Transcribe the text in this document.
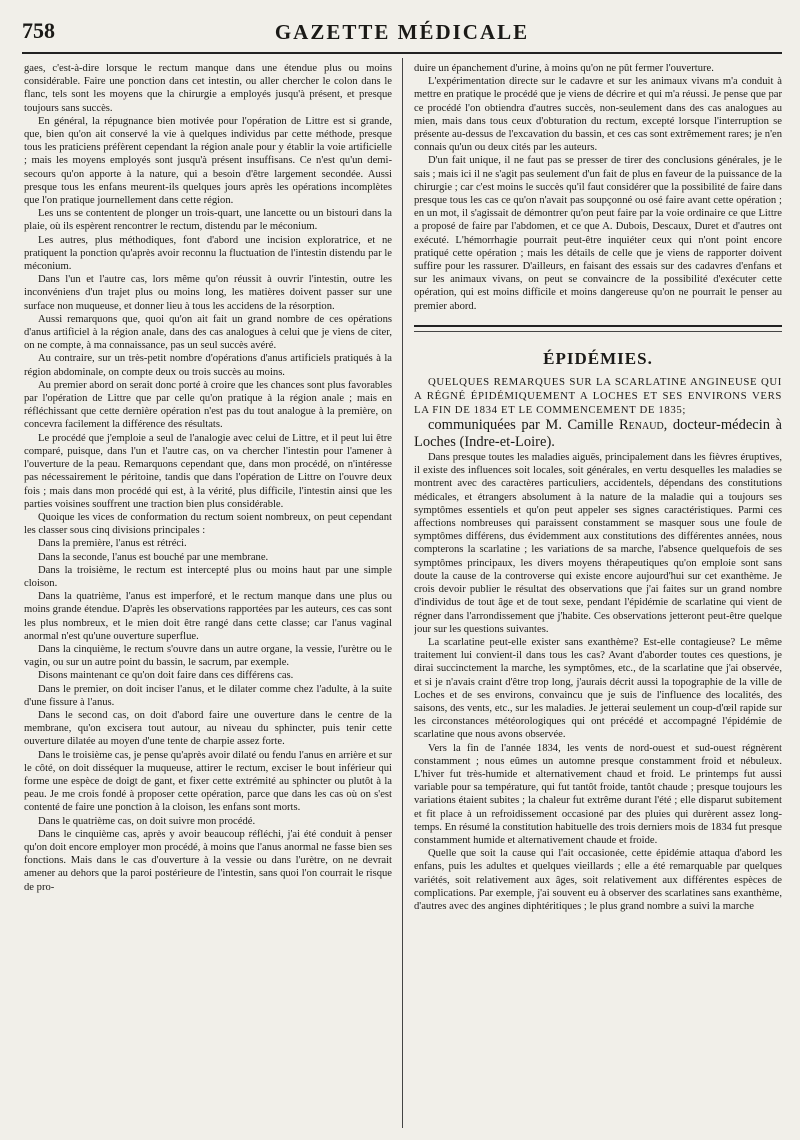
758	GAZETTE MÉDICALE

gaes, c'est-à-dire lorsque le rectum manque dans une étendue plus ou moins considérable. Faire une ponction dans cet intestin, ou aller chercher le colon dans le flanc, tels sont les moyens que la chirurgie a employés jusqu'à présent, et presque toujours sans succès.

En général, la répugnance bien motivée pour l'opération de Littre est si grande, que, bien qu'on ait conservé la vie à quelques individus par cette méthode, presque tous les praticiens préfèrent cependant la région anale pour y établir la voie artificielle ; mais les moyens employés sont jusqu'à présent insuffisans. Ce n'est qu'un demi-secours qu'on apporte à la nature, qui a besoin d'être largement secondée. Aussi presque tous les enfans meurent-ils quelques jours après les opérations incomplètes que l'on pratique journellement dans cette région.

Les uns se contentent de plonger un trois-quart, une lancette ou un bistouri dans la plaie, où ils espèrent rencontrer le rectum, distendu par le méconium.

Les autres, plus méthodiques, font d'abord une incision exploratrice, et ne pratiquent la ponction qu'après avoir reconnu la fluctuation de l'intestin distendu par le méconium.

Dans l'un et l'autre cas, lors même qu'on réussit à ouvrir l'intestin, outre les inconvéniens d'un trajet plus ou moins long, les matières doivent passer sur une surface non muqueuse, et donner lieu à tous les accidens de la résorption.

Aussi remarquons que, quoi qu'on ait fait un grand nombre de ces opérations d'anus artificiel à la région anale, dans des cas analogues à celui que je viens de citer, on ne compte, à ma connaissance, pas un seul succès avéré.

Au contraire, sur un très-petit nombre d'opérations d'anus artificiels pratiqués à la région abdominale, on compte deux ou trois succès au moins.

Au premier abord on serait donc porté à croire que les chances sont plus favorables par l'opération de Littre que par celle qu'on pratique à la région anale ; mais en réfléchissant que cette dernière opération n'est pas du tout analogue à la première, on concevra facilement la différence des résultats.

Le procédé que j'emploie a seul de l'analogie avec celui de Littre, et il peut lui être comparé, puisque, dans l'un et l'autre cas, on va chercher l'intestin pour l'amener à l'ouverture de la peau. Remarquons cependant que, dans mon procédé, on n'intéresse pas nécessairement le péritoine, tandis que dans l'opération de Littre on l'ouvre deux fois ; mais dans mon procédé qui est, à la vérité, plus difficile, l'intestin ainsi que les parties voisines souffrent une traction bien plus considérable.

Quoique les vices de conformation du rectum soient nombreux, on peut cependant les classer sous cinq divisions principales :

Dans la première, l'anus est rétréci.

Dans la seconde, l'anus est bouché par une membrane.

Dans la troisième, le rectum est intercepté plus ou moins haut par une simple cloison.

Dans la quatrième, l'anus est imperforé, et le rectum manque dans une plus ou moins grande étendue. D'après les observations rapportées par les auteurs, ces cas sont les plus nombreux, et le mien doit être rangé dans cette classe; car l'anus vaginal anormal n'est qu'une ouverture superflue.

Dans la cinquième, le rectum s'ouvre dans un autre organe, la vessie, l'urètre ou le vagin, ou sur un autre point du bassin, le sacrum, par exemple.

Disons maintenant ce qu'on doit faire dans ces différens cas.

Dans le premier, on doit inciser l'anus, et le dilater comme chez l'adulte, à la suite d'une fissure à l'anus.

Dans le second cas, on doit d'abord faire une ouverture dans le centre de la membrane, qu'on excisera tout autour, au niveau du sphincter, puis tenir cette ouverture dilatée au moyen d'une tente de charpie assez forte.

Dans le troisième cas, je pense qu'après avoir dilaté ou fendu l'anus en arrière et sur le côté, on doit disséquer la muqueuse, attirer le rectum, exciser le bout inférieur qui forme une espèce de doigt de gant, et fixer cette extrémité au sphincter ou plutôt à la peau. Je me crois fondé à proposer cette opération, parce que dans les cas où on s'est contenté de faire une ponction à la cloison, les enfans sont morts.

Dans le quatrième cas, on doit suivre mon procédé.

Dans le cinquième cas, après y avoir beaucoup réfléchi, j'ai été conduit à penser qu'on doit encore employer mon procédé, à moins que l'anus anormal ne fasse bien ses fonctions. Mais dans le cas d'ouverture à la vessie ou dans l'urètre, on ne devrait amener au dehors que la paroi postérieure de l'intestin, sans quoi l'on courrait le risque de pro-

duire un épanchement d'urine, à moins qu'on ne pût fermer l'ouverture.

L'expérimentation directe sur le cadavre et sur les animaux vivans m'a conduit à mettre en pratique le procédé que je viens de décrire et qui m'a réussi. Je pense que par ce procédé l'on obtiendra d'autres succès, non-seulement dans des cas analogues au mien, mais dans tous ceux d'obturation du rectum, excepté lorsque l'interruption se présente au-dessus de l'excavation du bassin, et ces cas sont extrêmement rares; je n'en connais qu'un ou deux cités par les auteurs.

D'un fait unique, il ne faut pas se presser de tirer des conclusions générales, je le sais ; mais ici il ne s'agit pas seulement d'un fait de plus en faveur de la puissance de la chirurgie ; car c'est moins le succès qu'il faut considérer que la possibilité de faire dans presque tous les cas ce qu'on n'avait pas soupçonné ou osé faire avant cette opération ; en un mot, il s'agissait de démontrer qu'on peut faire par la voie ordinaire ce que Littre a proposé de faire par l'abdomen, et ce que A. Dubois, Descaux, Duret et d'autres ont exécuté. L'hémorrhagie pourrait peut-être inquiéter ceux qui n'ont point encore pratiqué cette opération ; mais les détails de celle que je viens de rapporter doivent suffire pour les rassurer. D'ailleurs, en faisant des essais sur des cadavres d'enfans et sur les animaux vivans, on peut se convaincre de la possibilité d'exécuter cette opération, qui est moins difficile et moins dangereuse qu'on ne pourrait le penser au premier abord.

ÉPIDÉMIES.

QUELQUES REMARQUES SUR LA SCARLATINE ANGINEUSE QUI A RÉGNÉ ÉPIDÉMIQUEMENT A LOCHES ET SES ENVIRONS VERS LA FIN DE 1834 ET LE COMMENCEMENT DE 1835;

communiquées par M. Camille Renaud, docteur-médecin à Loches (Indre-et-Loire).

Dans presque toutes les maladies aiguës, principalement dans les fièvres éruptives, il existe des influences soit locales, soit générales, en vertu desquelles les maladies se montrent avec des caractères particuliers, accidentels, dépendans des constitutions médicales, et étrangers absolument à la nature de la maladie qui a toujours ses symptômes essentiels et qu'on peut appeler ses signes caractéristiques. Parmi ces affections nombreuses qui paraissent constamment se masquer sous une foule de symptômes différens, dus évidemment aux constitutions des différentes années, nous compterons la scarlatine ; les variations de sa marche, l'absence quelquefois de ses symptômes principaux, les divers moyens thérapeutiques qu'on emploie sont sans doute la cause de la controverse qui existe encore aujourd'hui sur cet exanthème. Je crois devoir publier le résultat des observations que j'ai faites sur un grand nombre d'individus de tout âge et de tout sexe, pendant l'épidémie de scarlatine qui vient de régner dans l'arrondissement que j'habite. Ces observations jetteront peut-être quelque jour sur les questions suivantes.

La scarlatine peut-elle exister sans exanthème? Est-elle contagieuse? Le même traitement lui convient-il dans tous les cas? Avant d'aborder toutes ces questions, je dirai succinctement la marche, les symptômes, etc., de la scarlatine que j'ai observée, et si je n'avais craint d'être trop long, j'aurais décrit aussi la topographie de la ville de Loches et de ses environs, convaincu que je suis de l'influence des localités, des saisons, des vents, etc., sur les maladies. Je jetterai seulement un coup-d'œil rapide sur les circonstances météorologiques qui ont précédé et accompagné l'épidémie de scarlatine que nous avons observée.

Vers la fin de l'année 1834, les vents de nord-ouest et sud-ouest régnèrent constamment ; nous eûmes un automne presque constamment froid et nébuleux. L'hiver fut très-humide et alternativement chaud et froid. Le printemps fut aussi variable pour sa température, qui fut tantôt froide, tantôt chaude ; presque toujours les variations étaient subites ; la chaleur fut extrême durant l'été ; elle disparut subitement et fit place à un refroidissement occasioné par des pluies qui durèrent assez long-temps. En résumé la constitution habituelle des trois derniers mois de 1834 fut presque constamment humide et alternativement chaude et froide.

Quelle que soit la cause qui l'ait occasionée, cette épidémie attaqua d'abord les enfans, puis les adultes et quelques vieillards ; elle a été remarquable par quelques variétés, soit relativement aux âges, soit relativement aux différentes espèces de complications. Par exemple, j'ai souvent eu à observer des scarlatines sans exanthème, d'autres avec des angines diphtéritiques ; le plus grand nombre a suivi la marche
